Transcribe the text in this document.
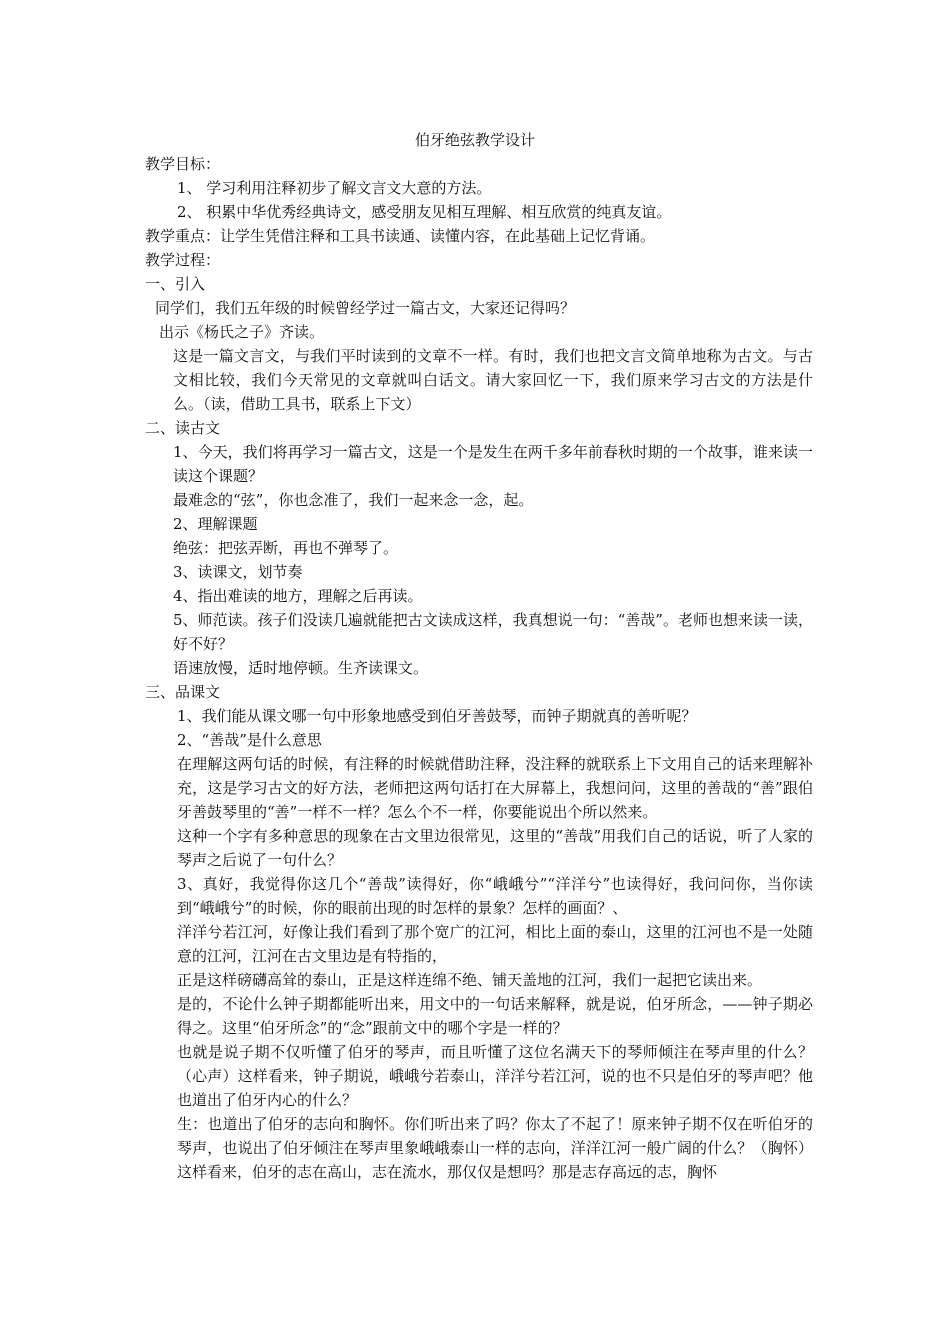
伯牙绝弦教学设计
教学目标：
1、 学习利用注释初步了解文言文大意的方法。
2、 积累中华优秀经典诗文，感受朋友见相互理解、相互欣赏的纯真友谊。
教学重点：让学生凭借注释和工具书读通、读懂内容，在此基础上记忆背诵。
教学过程：
一、引入
同学们，我们五年级的时候曾经学过一篇古文，大家还记得吗？
出示《杨氏之子》齐读。
这是一篇文言文，与我们平时读到的文章不一样。有时，我们也把文言文简单地称为古文。与古文相比较，我们今天常见的文章就叫白话文。请大家回忆一下，我们原来学习古文的方法是什么。（读，借助工具书，联系上下文）
二、读古文
1、今天，我们将再学习一篇古文，这是一个是发生在两千多年前春秋时期的一个故事，谁来读一读这个课题？
最难念的“弦”，你也念准了，我们一起来念一念，起。
2、理解课题
绝弦：把弦弄断，再也不弹琴了。
3、读课文，划节奏
4、指出难读的地方，理解之后再读。
5、师范读。孩子们没读几遍就能把古文读成这样，我真想说一句：“善哉”。老师也想来读一读，好不好？
语速放慢，适时地停顿。生齐读课文。
三、品课文
1、我们能从课文哪一句中形象地感受到伯牙善鼓琴，而钟子期就真的善听呢？
2、“善哉”是什么意思
在理解这两句话的时候，有注释的时候就借助注释，没注释的就联系上下文用自己的话来理解补充，这是学习古文的好方法，老师把这两句话打在大屏幕上，我想问问，这里的善哉的“善”跟伯牙善鼓琴里的“善”一样不一样？怎么个不一样，你要能说出个所以然来。
这种一个字有多种意思的现象在古文里边很常见，这里的“善哉”用我们自己的话说，听了人家的琴声之后说了一句什么？
3、真好，我觉得你这几个“善哉”读得好，你“峨峨兮”“洋洋兮”也读得好，我问问你，当你读到“峨峨兮”的时候，你的眼前出现的时怎样的景象？怎样的画面？、
洋洋兮若江河，好像让我们看到了那个宽广的江河，相比上面的泰山，这里的江河也不是一处随意的江河，江河在古文里边是有特指的，
正是这样磅礴高耸的泰山，正是这样连绵不绝、铺天盖地的江河，我们一起把它读出来。
是的，不论什么钟子期都能听出来，用文中的一句话来解释，就是说，伯牙所念，——钟子期必得之。这里“伯牙所念”的“念”跟前文中的哪个字是一样的？
也就是说子期不仅听懂了伯牙的琴声，而且听懂了这位名满天下的琴师倾注在琴声里的什么？（心声）这样看来，钟子期说，峨峨兮若泰山，洋洋兮若江河，说的也不只是伯牙的琴声吧？他也道出了伯牙内心的什么？
生：也道出了伯牙的志向和胸怀。你们听出来了吗？你太了不起了！原来钟子期不仅在听伯牙的琴声，也说出了伯牙倾注在琴声里象峨峨泰山一样的志向，洋洋江河一般广阔的什么？（胸怀）这样看来，伯牙的志在高山，志在流水，那仅仅是想吗？那是志存高远的志，胸怀
